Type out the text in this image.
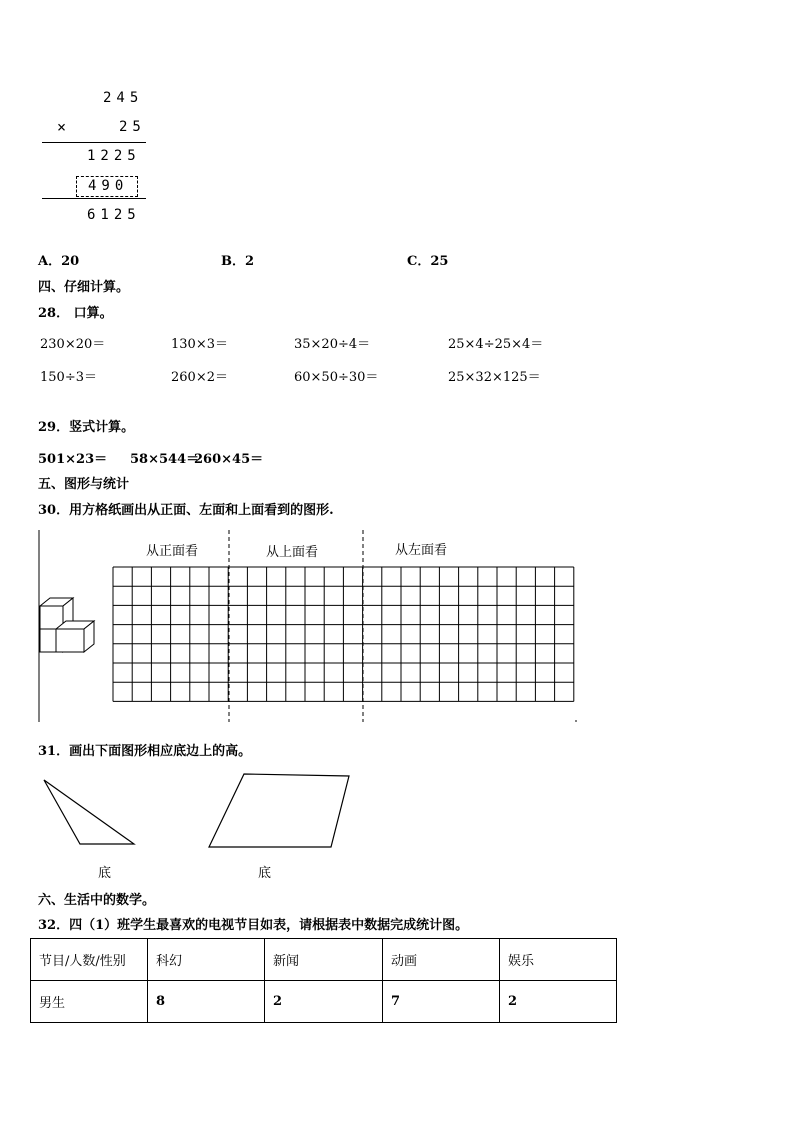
245
×	25
1225
490
6125
A．20	B．2	C．25
四、仔细计算。
28． 口算。
230×20＝	130×3＝	35×20÷4＝	25×4÷25×4＝
150÷3＝	260×2＝	60×50÷30＝	25×32×125＝
29．竖式计算。
501×23＝ 58×544＝
260×45＝
五、图形与统计
30．用方格纸画出从正面、左面和上面看到的图形.
从正面看	从上面看	从左面看
31．画出下面图形相应底边上的高。
底	底
六、生活中的数学。
32．四（1）班学生最喜欢的电视节目如表，请根据表中数据完成统计图。
节目/人数/性别	科幻	新闻	动画	娱乐
男生	8	2	7	2
